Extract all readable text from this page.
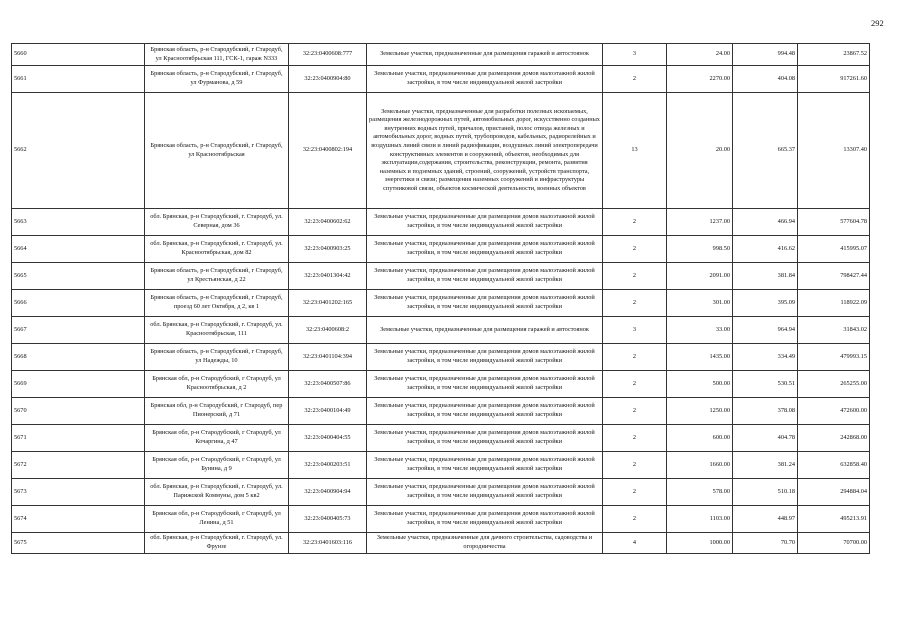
292
5660	Брянская область, р-н Стародубский, г Стародуб, ул Красноотябрьская 111, ГСК-1, гараж N333	32:23:0400608:777	Земельные участки, предназначенные для размещения гаражей и автостоянок	3	24.00	994.48	23867.52
5661	Брянская область, р-н Стародубский, г Стародуб, ул Фурманова, д 59	32:23:0400904:80	Земельные участки, предназначенные для размещения домов малоэтажной жилой застройки, в том числе индивидуальной жилой застройки	2	2270.00	404.08	917261.60
5662	Брянская область, р-н Стародубский, г Стародуб, ул Красноотябрьская	32:23:0400802:194	Земельные участки, предназначенные для разработки полезных ископаемых, размещения железнодорожных путей, автомобильных дорог, искусственно созданных внутренних водных путей, причалов, пристаней, полос отвода железных и автомобильных дорог, водных путей, трубопроводов, кабельных, радиорелейных и воздушных линий связи и линий радиофикации, воздушных линий электропередачи конструктивных элементов и сооружений, объектов, необходимых для эксплуатации,содержания, строительства, реконструкции, ремонта, развития наземных и подземных зданий, строений, сооружений, устройств транспорта, энергетики и связи; размещения наземных сооружений и инфраструктуры спутниковой связи, объектов космической деятельности, военных объектов	13	20.00	665.37	13307.40
5663	обл. Брянская, р-н Стародубский, г. Стародуб, ул. Северная, дом 36	32:23:0400602:62	Земельные участки, предназначенные для размещения домов малоэтажной жилой застройки, в том числе индивидуальной жилой застройки	2	1237.00	466.94	577604.78
5664	обл. Брянская, р-н Стародубский, г. Стародуб, ул. Красноотябрьская, дом 82	32:23:0400903:25	Земельные участки, предназначенные для размещения домов малоэтажной жилой застройки, в том числе индивидуальной жилой застройки	2	998.50	416.62	415995.07
5665	Брянская область, р-н Стародубский, г Стародуб, ул Крестьянская, д 22	32:23:0401304:42	Земельные участки, предназначенные для размещения домов малоэтажной жилой застройки, в том числе индивидуальной жилой застройки	2	2091.00	381.84	798427.44
5666	Брянская область, р-н Стародубский, г Стародуб, проезд 60 лет Октября, д 2, кв 1	32:23:0401202:165	Земельные участки, предназначенные для размещения домов малоэтажной жилой застройки, в том числе индивидуальной жилой застройки	2	301.00	395.09	118922.09
5667	обл. Брянская, р-н Стародубский, г. Стародуб, ул. Красноотябрьская, 111	32:23:0400608:2	Земельные участки, предназначенные для размещения гаражей и автостоянок	3	33.00	964.94	31843.02
5668	Брянская область, р-н Стародубский, г Стародуб, ул Надежды, 10	32:23:0401104:394	Земельные участки, предназначенные для размещения домов малоэтажной жилой застройки, в том числе индивидуальной жилой застройки	2	1435.00	334.49	479993.15
5669	Брянская обл, р-н Стародубский, г Стародуб, ул Красноотябрьская, д 2	32:23:0400507:86	Земельные участки, предназначенные для размещения домов малоэтажной жилой застройки, в том числе индивидуальной жилой застройки	2	500.00	530.51	265255.00
5670	Брянская обл, р-н Стародубский, г Стародуб, пер Пионерский, д 71	32:23:0400104:49	Земельные участки, предназначенные для размещения домов малоэтажной жилой застройки, в том числе индивидуальной жилой застройки	2	1250.00	378.08	472600.00
5671	Брянская обл, р-н Стародубский, г Стародуб, ул Кочаргина, д 47	32:23:0400404:55	Земельные участки, предназначенные для размещения домов малоэтажной жилой застройки, в том числе индивидуальной жилой застройки	2	600.00	404.78	242868.00
5672	Брянская обл, р-н Стародубский, г Стародуб, ул Бунина, д 9	32:23:0400203:51	Земельные участки, предназначенные для размещения домов малоэтажной жилой застройки, в том числе индивидуальной жилой застройки	2	1660.00	381.24	632858.40
5673	обл. Брянская, р-н Стародубский, г. Стародуб, ул. Парижской Коммуны, дом 5 кв2	32:23:0400904:94	Земельные участки, предназначенные для размещения домов малоэтажной жилой застройки, в том числе индивидуальной жилой застройки	2	578.00	510.18	294884.04
5674	Брянская обл, р-н Стародубский, г Стародуб, ул Ленина, д 51	32:23:0400405:73	Земельные участки, предназначенные для размещения домов малоэтажной жилой застройки, в том числе индивидуальной жилой застройки	2	1103.00	448.97	495213.91
5675	обл. Брянская, р-н Стародубский, г. Стародуб, ул. Фрунзе	32:23:0401603:116	Земельные участки, предназначенные для дачного строительства, садоводства и огородничества	4	1000.00	70.70	70700.00
